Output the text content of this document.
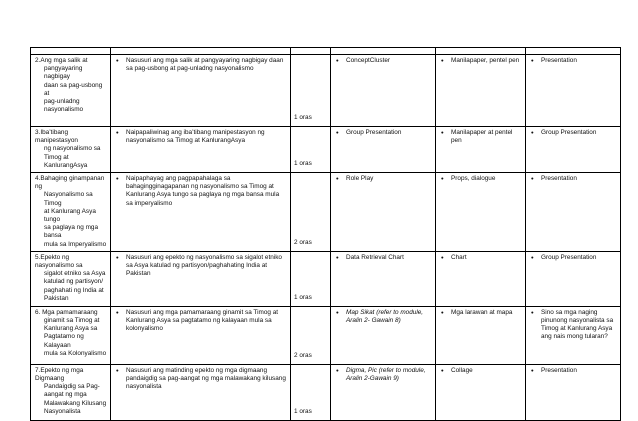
2.Ang mga salik at
pangyayaring nagbigay
daan sa pag-usbong at
pag-unladng
nasyonalismo	• Nasusuri ang mga salik at pangyayaring nagbigay daan sa pag-usbong at pag-unladng nasyonalismo	1 oras	• ConceptCluster	• Manilapaper, pentel pen	• Presentation

3.Iba’tibang manipestasyon
ng nasyonalismo sa
Timog at KanlurangAsya	• Naipapaliwinag ang iba’tibang manipestasyon ng nasyonalismo sa Timog at KanlurangAsya	1 oras	• Group Presentation	• Manilapaper at pentel pen	• Group Presentation

4.Bahaging ginampanan ng
Nasyonalismo sa Timog
at Kanlurang Asya tungo
sa paglaya ng mga bansa
mula sa Imperyalismo	• Naipaphayag ang pagpapahalaga sa bahagingginagapanan ng nasyonalismo sa Timog at Kanlurang Asya tungo sa paglaya ng mga bansa mula sa imperyalismo	2 oras	• Role Play	• Props, dialogue	• Presentation

5.Epekto ng nasyonalismo sa
sigalot etniko sa Asya
katulad ng partisyon/
paghahati ng India at
Pakistan	• Nasusuri ang epekto ng nasyonalismo sa sigalot etniko sa Asya katulad ng partisyon/paghahating India at Pakistan	1 oras	• Data Retrieval Chart	• Chart	• Group Presentation

6. Mga pamamaraang
ginamit sa Timog at
Kanlurang Asya sa
Pagtatamo ng Kalayaan
mula sa Kolonyalismo	• Nasusuri ang mga pamamaraang ginamit sa Timog at Kanlurang Asya sa pagtatamo ng kalayaan mula sa kolonyalismo	2 oras	• Map Sikat (refer to module, Aralin 2- Gawain 8)	• Mga larawan at mapa	• Sino sa mga naging pinunong nasyonalista sa Timog at Kanlurang Asya ang nais mong tularan?

7.Epekto ng mga Digmaang
Pandaigdig sa Pag-
aangat ng mga
Malawakang Kilusang
Nasyonalista	• Nasusuri ang matinding epekto ng mga digmaang pandaigdig sa pag-aangat ng mga malawakang kilusang nasyonalista	1 oras	• Digma, Pic (refer to module, Aralin 2-Gawain 9)	• Collage	• Presentation
